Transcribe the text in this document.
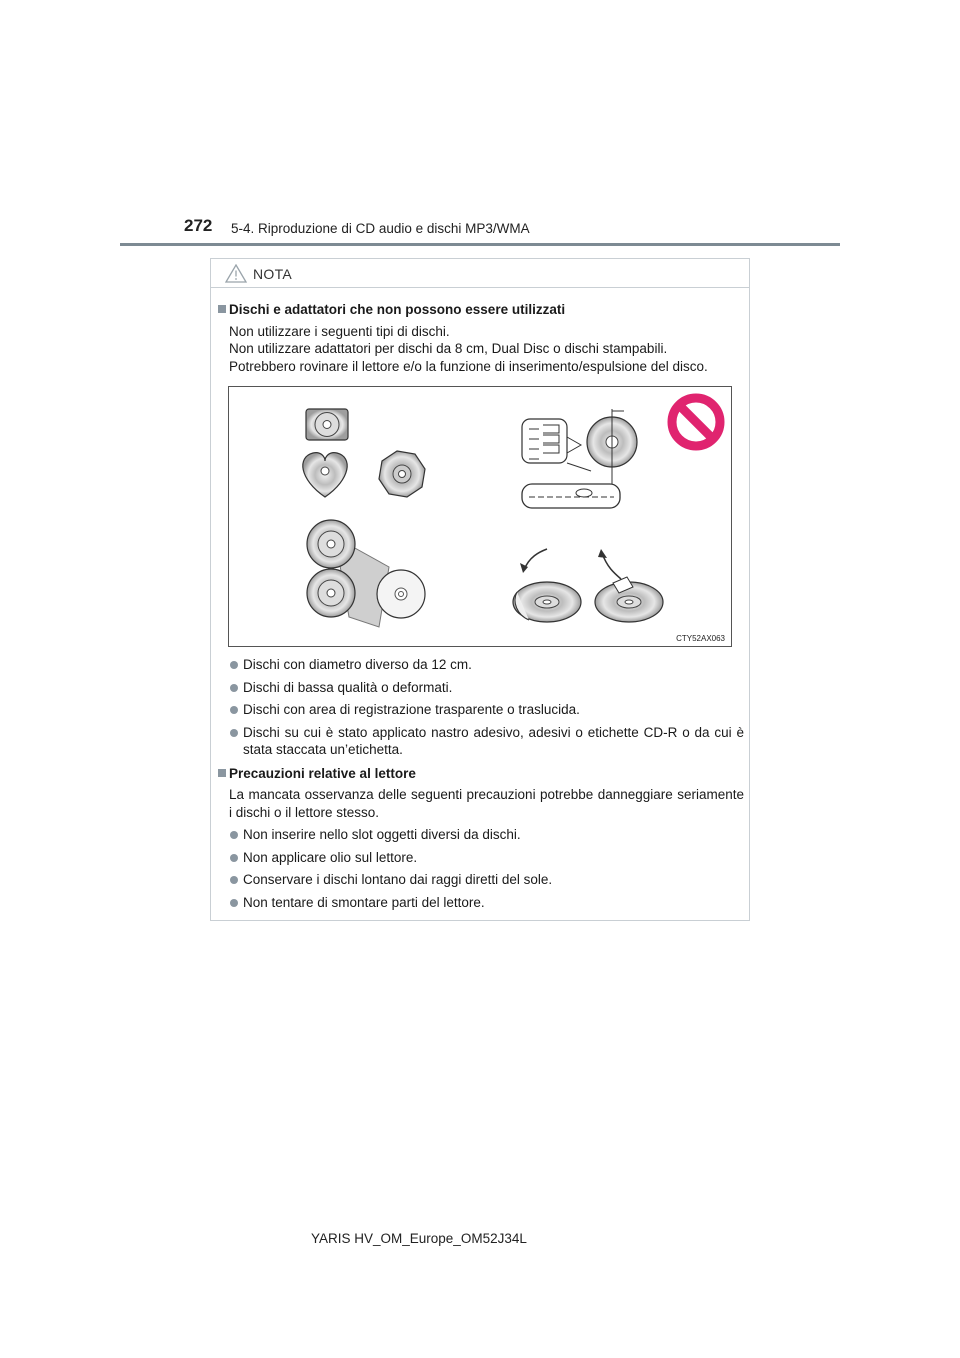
272 5-4. Riproduzione di CD audio e dischi MP3/WMA
NOTA
Dischi e adattatori che non possono essere utilizzati
Non utilizzare i seguenti tipi di dischi.
Non utilizzare adattatori per dischi da 8 cm, Dual Disc o dischi stampabili.
Potrebbero rovinare il lettore e/o la funzione di inserimento/espulsione del disco.
CTY52AX063
Dischi con diametro diverso da 12 cm.
Dischi di bassa qualità o deformati.
Dischi con area di registrazione trasparente o traslucida.
Dischi su cui è stato applicato nastro adesivo, adesivi o etichette CD-R o da cui è stata staccata un’etichetta.
Precauzioni relative al lettore
La mancata osservanza delle seguenti precauzioni potrebbe danneggiare seriamente i dischi o il lettore stesso.
Non inserire nello slot oggetti diversi da dischi.
Non applicare olio sul lettore.
Conservare i dischi lontano dai raggi diretti del sole.
Non tentare di smontare parti del lettore.
YARIS HV_OM_Europe_OM52J34L
